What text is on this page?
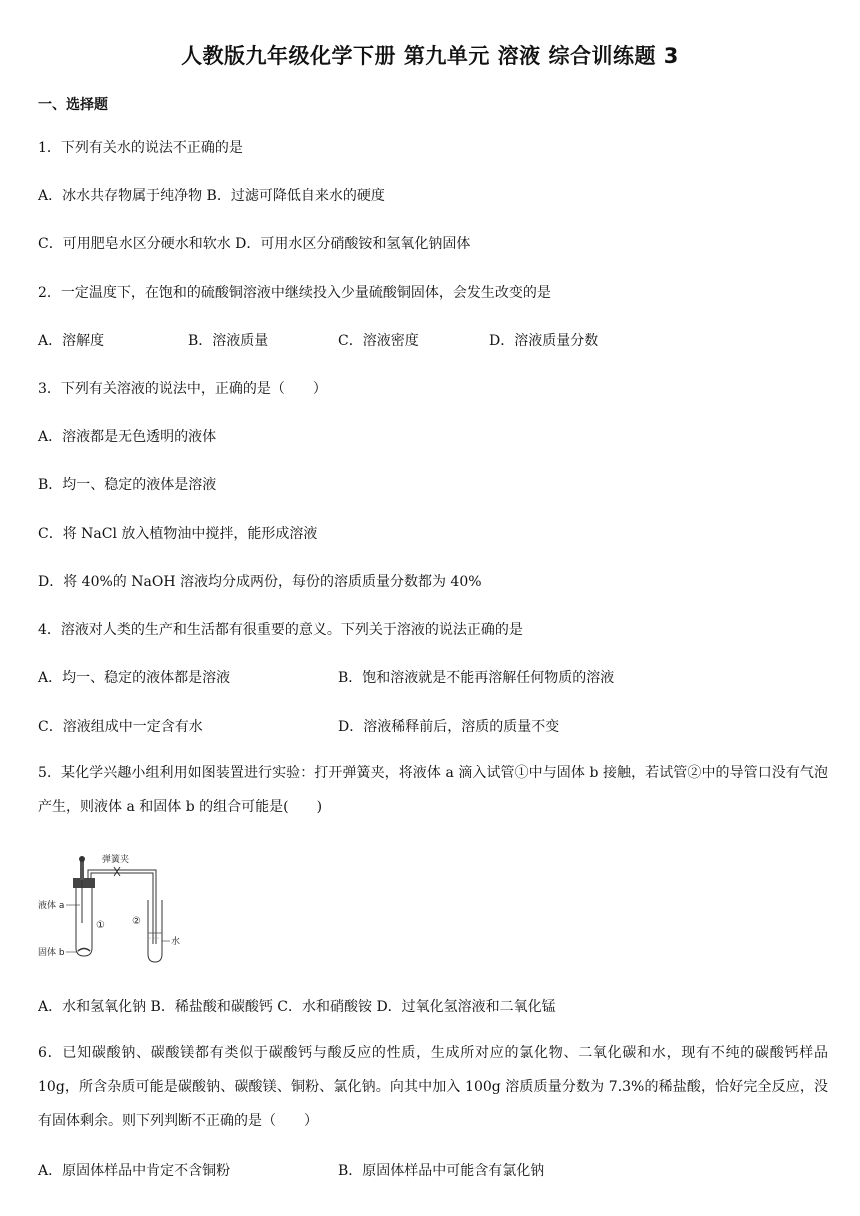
人教版九年级化学下册 第九单元 溶液 综合训练题 3
一、选择题
1．下列有关水的说法不正确的是
A．冰水共存物属于纯净物 B．过滤可降低自来水的硬度
C．可用肥皂水区分硬水和软水 D．可用水区分硝酸铵和氢氧化钠固体
2．一定温度下，在饱和的硫酸铜溶液中继续投入少量硫酸铜固体，会发生改变的是
A．溶解度	B．溶液质量	C．溶液密度	D．溶液质量分数
3．下列有关溶液的说法中，正确的是（　　）
A．溶液都是无色透明的液体
B．均一、稳定的液体是溶液
C．将 NaCl 放入植物油中搅拌，能形成溶液
D．将 40%的 NaOH 溶液均分成两份，每份的溶质质量分数都为 40%
4．溶液对人类的生产和生活都有很重要的意义。下列关于溶液的说法正确的是
A．均一、稳定的液体都是溶液	B．饱和溶液就是不能再溶解任何物质的溶液
C．溶液组成中一定含有水	D．溶液稀释前后，溶质的质量不变
5．某化学兴趣小组利用如图装置进行实验：打开弹簧夹，将液体 a 滴入试管①中与固体 b 接触，若试管②中的导管口没有气泡产生，则液体 a 和固体 b 的组合可能是(　　)
弹簧夹
液体 a
固体 b
①	②
水
A．水和氢氧化钠 B．稀盐酸和碳酸钙 C．水和硝酸铵 D．过氧化氢溶液和二氧化锰
6．已知碳酸钠、碳酸镁都有类似于碳酸钙与酸反应的性质，生成所对应的氯化物、二氧化碳和水，现有不纯的碳酸钙样品 10g，所含杂质可能是碳酸钠、碳酸镁、铜粉、氯化钠。向其中加入 100g 溶质质量分数为 7.3%的稀盐酸，恰好完全反应，没有固体剩余。则下列判断不正确的是（　　）
A．原固体样品中肯定不含铜粉	B．原固体样品中可能含有氯化钠
